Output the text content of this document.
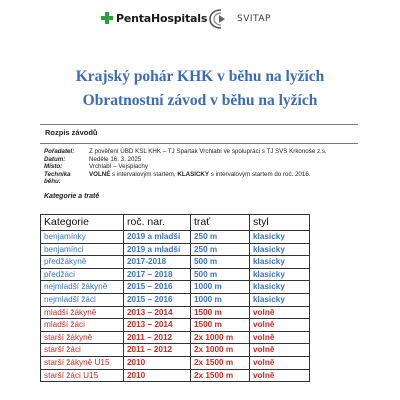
PentaHospitals	SVITAP
Krajský pohár KHK v běhu na lyžích
Obratnostní závod v běhu na lyžích
Rozpis závodů
Pořadatel:	Z pověření ÚBD KSL KHK – TJ Spartak Vrchlabí ve spolupráci s TJ SVS Krkonoše z.s.
Datum:	Neděle 16. 3. 2025
Místo:	Vrchlabí – Vejsplachy
Technika běhu:
VOLNÉ s intervalovým startem, KLASICKY s intervalovým startem do roč. 2016.
Kategorie a tratě
Kategorie	roč. nar.	trať	styl
benjamínky	2019 a mladší	250 m	klasicky
benjamínci	2019 a mladší	250 m	klasicky
předžákyně	2017-2018	500 m	klasicky
předžáci	2017 – 2018	500 m	klasicky
nejmladší žákyně	2015 – 2016	1000 m	klasicky
nejmladší žáci	2015 – 2016	1000 m	klasicky
mladší žákyně	2013 – 2014	1500 m	volně
mladší žáci	2013 – 2014	1500 m	volně
starší žákyně	2011 – 2012	2x 1000 m	volně
starší žáci	2011 – 2012	2x 1000 m	volně
starší žákyně U15	2010	2x 1500 m	volně
starší žáci U15	2010	2x 1500 m	volně
